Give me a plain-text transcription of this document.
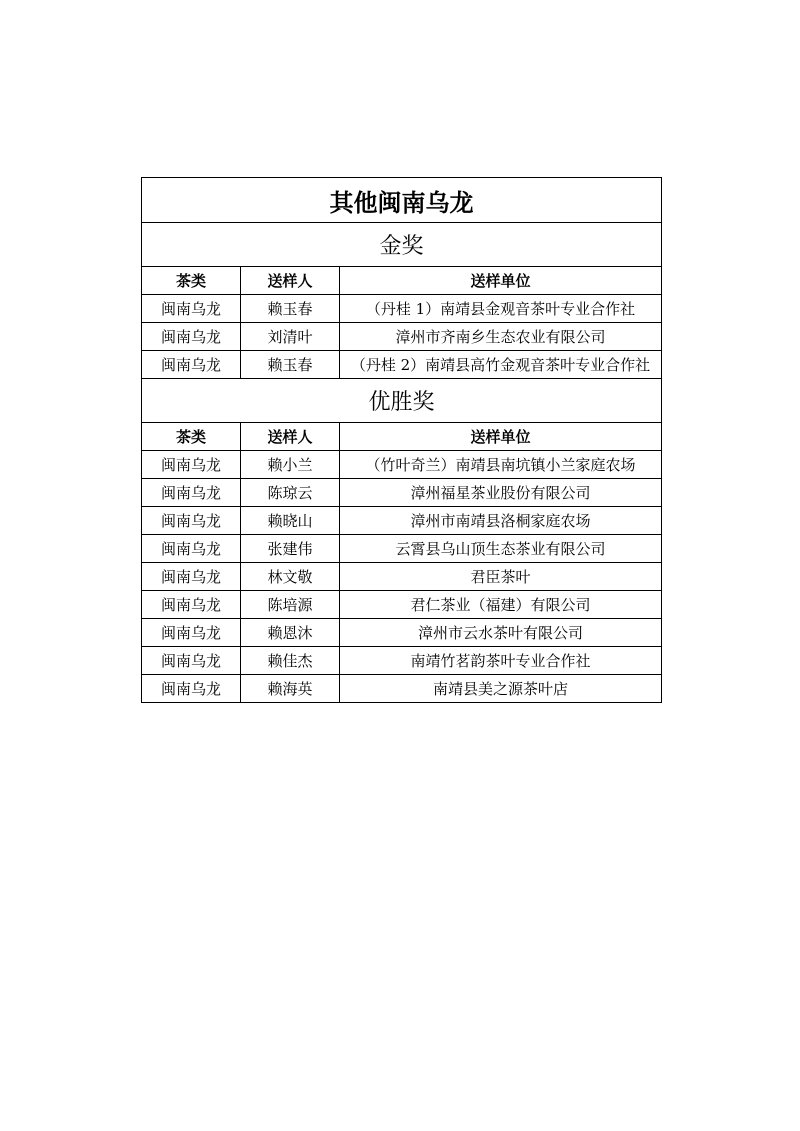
其他闽南乌龙		
金奖		
茶类	送样人	送样单位
闽南乌龙	赖玉春	（丹桂 1）南靖县金观音茶叶专业合作社
闽南乌龙	刘清叶	漳州市齐南乡生态农业有限公司
闽南乌龙	赖玉春	（丹桂 2）南靖县高竹金观音茶叶专业合作社
优胜奖		
茶类	送样人	送样单位
闽南乌龙	赖小兰	（竹叶奇兰）南靖县南坑镇小兰家庭农场
闽南乌龙	陈琼云	漳州福星茶业股份有限公司
闽南乌龙	赖晓山	漳州市南靖县洛桐家庭农场
闽南乌龙	张建伟	云霄县乌山顶生态茶业有限公司
闽南乌龙	林文敬	君臣茶叶
闽南乌龙	陈培源	君仁茶业（福建）有限公司
闽南乌龙	赖恩沐	漳州市云水茶叶有限公司
闽南乌龙	赖佳杰	南靖竹茗韵茶叶专业合作社
闽南乌龙	赖海英	南靖县美之源茶叶店
